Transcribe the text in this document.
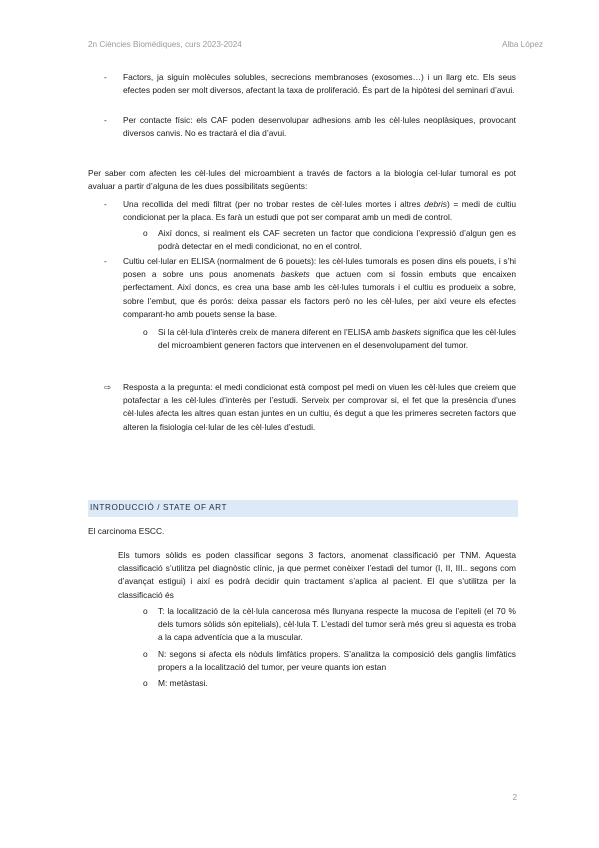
2n Ciències Biomèdiques, curs 2023-2024	Alba López
-	Factors, ja siguin molècules solubles, secrecions membranoses (exosomes…) i un llarg etc. Els seus efectes poden ser molt diversos, afectant la taxa de proliferació. És part de la hipòtesi del seminari d’avui.
-	Per contacte físic: els CAF poden desenvolupar adhesions amb les cèl·lules neoplàsiques, provocant diversos canvis. No es tractarà el dia d’avui.
Per saber com afecten les cèl·lules del microambient a través de factors a la biologia cel·lular tumoral es pot avaluar a partir d’alguna de les dues possibilitats següents:
-	Una recollida del medi filtrat (per no trobar restes de cèl·lules mortes i altres debris) = medi de cultiu condicionat per la placa. Es farà un estudi que pot ser comparat amb un medi de control.
o	Així doncs, si realment els CAF secreten un factor que condiciona l’expressió d’algun gen es podrà detectar en el medi condicionat, no en el control.
-	Cultiu cel·lular en ELISA (normalment de 6 pouets): les cèl·lules tumorals es posen dins els pouets, i s’hi posen a sobre uns pous anomenats baskets que actuen com si fossin embuts que encaixen perfectament. Així doncs, es crea una base amb les cèl·lules tumorals i el cultiu es produeix a sobre, sobre l’embut, que és porós: deixa passar els factors però no les cèl·lules, per així veure els efectes comparant-ho amb pouets sense la base.
o	Si la cèl·lula d’interès creix de manera diferent en l’ELISA amb baskets significa que les cèl·lules del microambient generen factors que intervenen en el desenvolupament del tumor.
⇨	Resposta a la pregunta: el medi condicionat està compost pel medi on viuen les cèl·lules que creiem que potafectar a les cèl·lules d’interès per l’estudi. Serveix per comprovar si, el fet que la presència d’unes cèl·lules afecta les altres quan estan juntes en un cultiu, és degut a que les primeres secreten factors que alteren la fisiologia cel·lular de les cèl·lules d’estudi.
INTRODUCCIÓ / STATE OF ART
El carcinoma ESCC.
Els tumors sòlids es poden classificar segons 3 factors, anomenat classificació per TNM. Aquesta classificació s’utilitza pel diagnòstic clínic, ja que permet conèixer l’estadi del tumor (I, II, III.. segons com d’avançat estigui) i així es podrà decidir quin tractament s’aplica al pacient. El que s’utilitza per la classificació és
o	T: la localització de la cèl·lula cancerosa més llunyana respecte la mucosa de l’epiteli (el 70 % dels tumors sòlids són epitelials), cèl·lula T. L’estadi del tumor serà més greu si aquesta es troba a la capa adventícia que a la muscular.
o	N: segons si afecta els nòduls limfàtics propers. S’analitza la composició dels ganglis limfàtics propers a la localització del tumor, per veure quants ion estan
o	M: metàstasi.
2
